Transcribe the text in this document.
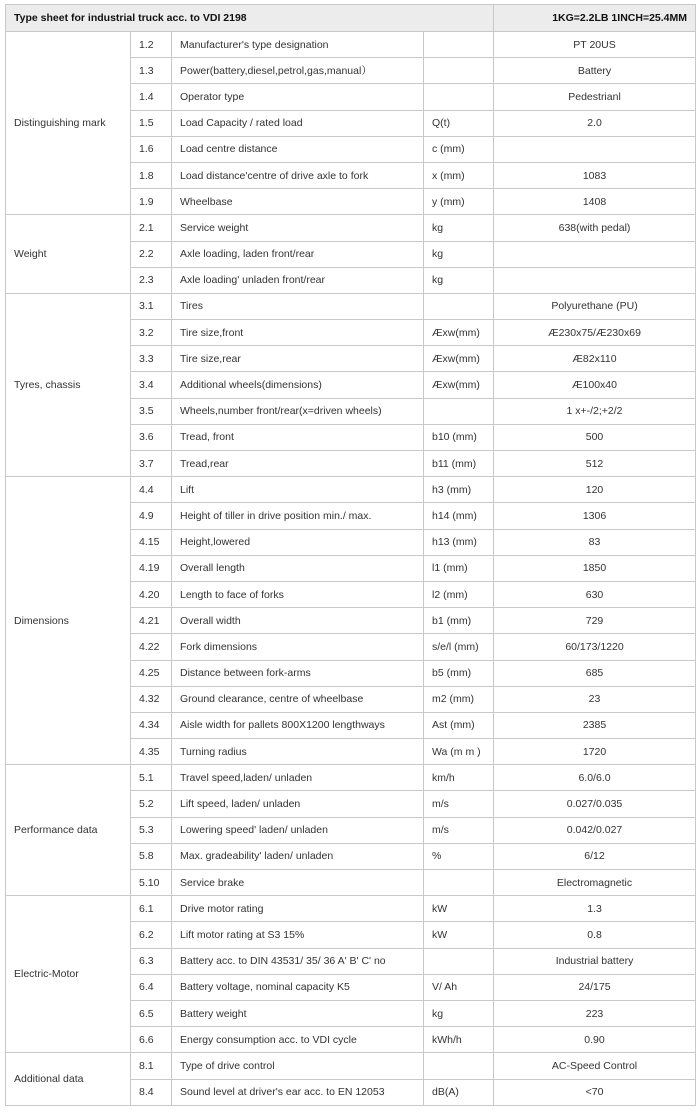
Type sheet for industrial truck acc. to VDI 2198				1KG=2.2LB 1INCH=25.4MM
Distinguishing mark	1.2	Manufacturer's type designation		PT 20US
	1.3	Power(battery,diesel,petrol,gas,manual）		Battery
	1.4	Operator type		Pedestrianl
	1.5	Load Capacity / rated load	Q(t)	2.0
	1.6	Load centre distance	c (mm)	
	1.8	Load distance'centre of drive axle to fork	x (mm)	1083
	1.9	Wheelbase	y (mm)	1408
Weight	2.1	Service weight	kg	638(with pedal)
	2.2	Axle loading, laden front/rear	kg	
	2.3	Axle loading' unladen front/rear	kg	
Tyres, chassis	3.1	Tires		Polyurethane (PU)
	3.2	Tire size,front	Æxw(mm)	Æ230x75/Æ230x69
	3.3	Tire size,rear	Æxw(mm)	Æ82x110
	3.4	Additional wheels(dimensions)	Æxw(mm)	Æ100x40
	3.5	Wheels,number front/rear(x=driven wheels)		1 x+-/2;+2/2
	3.6	Tread, front	b10 (mm)	500
	3.7	Tread,rear	b11 (mm)	512
Dimensions	4.4	Lift	h3 (mm)	120
	4.9	Height of tiller in drive position min./ max.	h14 (mm)	1306
	4.15	Height,lowered	h13 (mm)	83
	4.19	Overall length	l1 (mm)	1850
	4.20	Length to face of forks	l2 (mm)	630
	4.21	Overall width	b1 (mm)	729
	4.22	Fork dimensions	s/e/l (mm)	60/173/1220
	4.25	Distance between fork-arms	b5 (mm)	685
	4.32	Ground clearance, centre of wheelbase	m2 (mm)	23
	4.34	Aisle width for pallets 800X1200 lengthways	Ast (mm)	2385
	4.35	Turning radius	Wa (m m )	1720
Performance data	5.1	Travel speed,laden/ unladen	km/h	6.0/6.0
	5.2	Lift speed, laden/ unladen	m/s	0.027/0.035
	5.3	Lowering speed' laden/ unladen	m/s	0.042/0.027
	5.8	Max. gradeability' laden/ unladen	%	6/12
	5.10	Service brake		Electromagnetic
Electric-Motor	6.1	Drive motor rating	kW	1.3
	6.2	Lift motor rating at S3 15%	kW	0.8
	6.3	Battery acc. to DIN 43531/ 35/ 36 A' B' C' no		Industrial battery
	6.4	Battery voltage, nominal capacity K5	V/ Ah	24/175
	6.5	Battery weight	kg	223
	6.6	Energy consumption acc. to VDI cycle	kWh/h	0.90
Additional data	8.1	Type of drive control		AC-Speed Control
	8.4	Sound level at driver's ear acc. to EN 12053	dB(A)	<70
